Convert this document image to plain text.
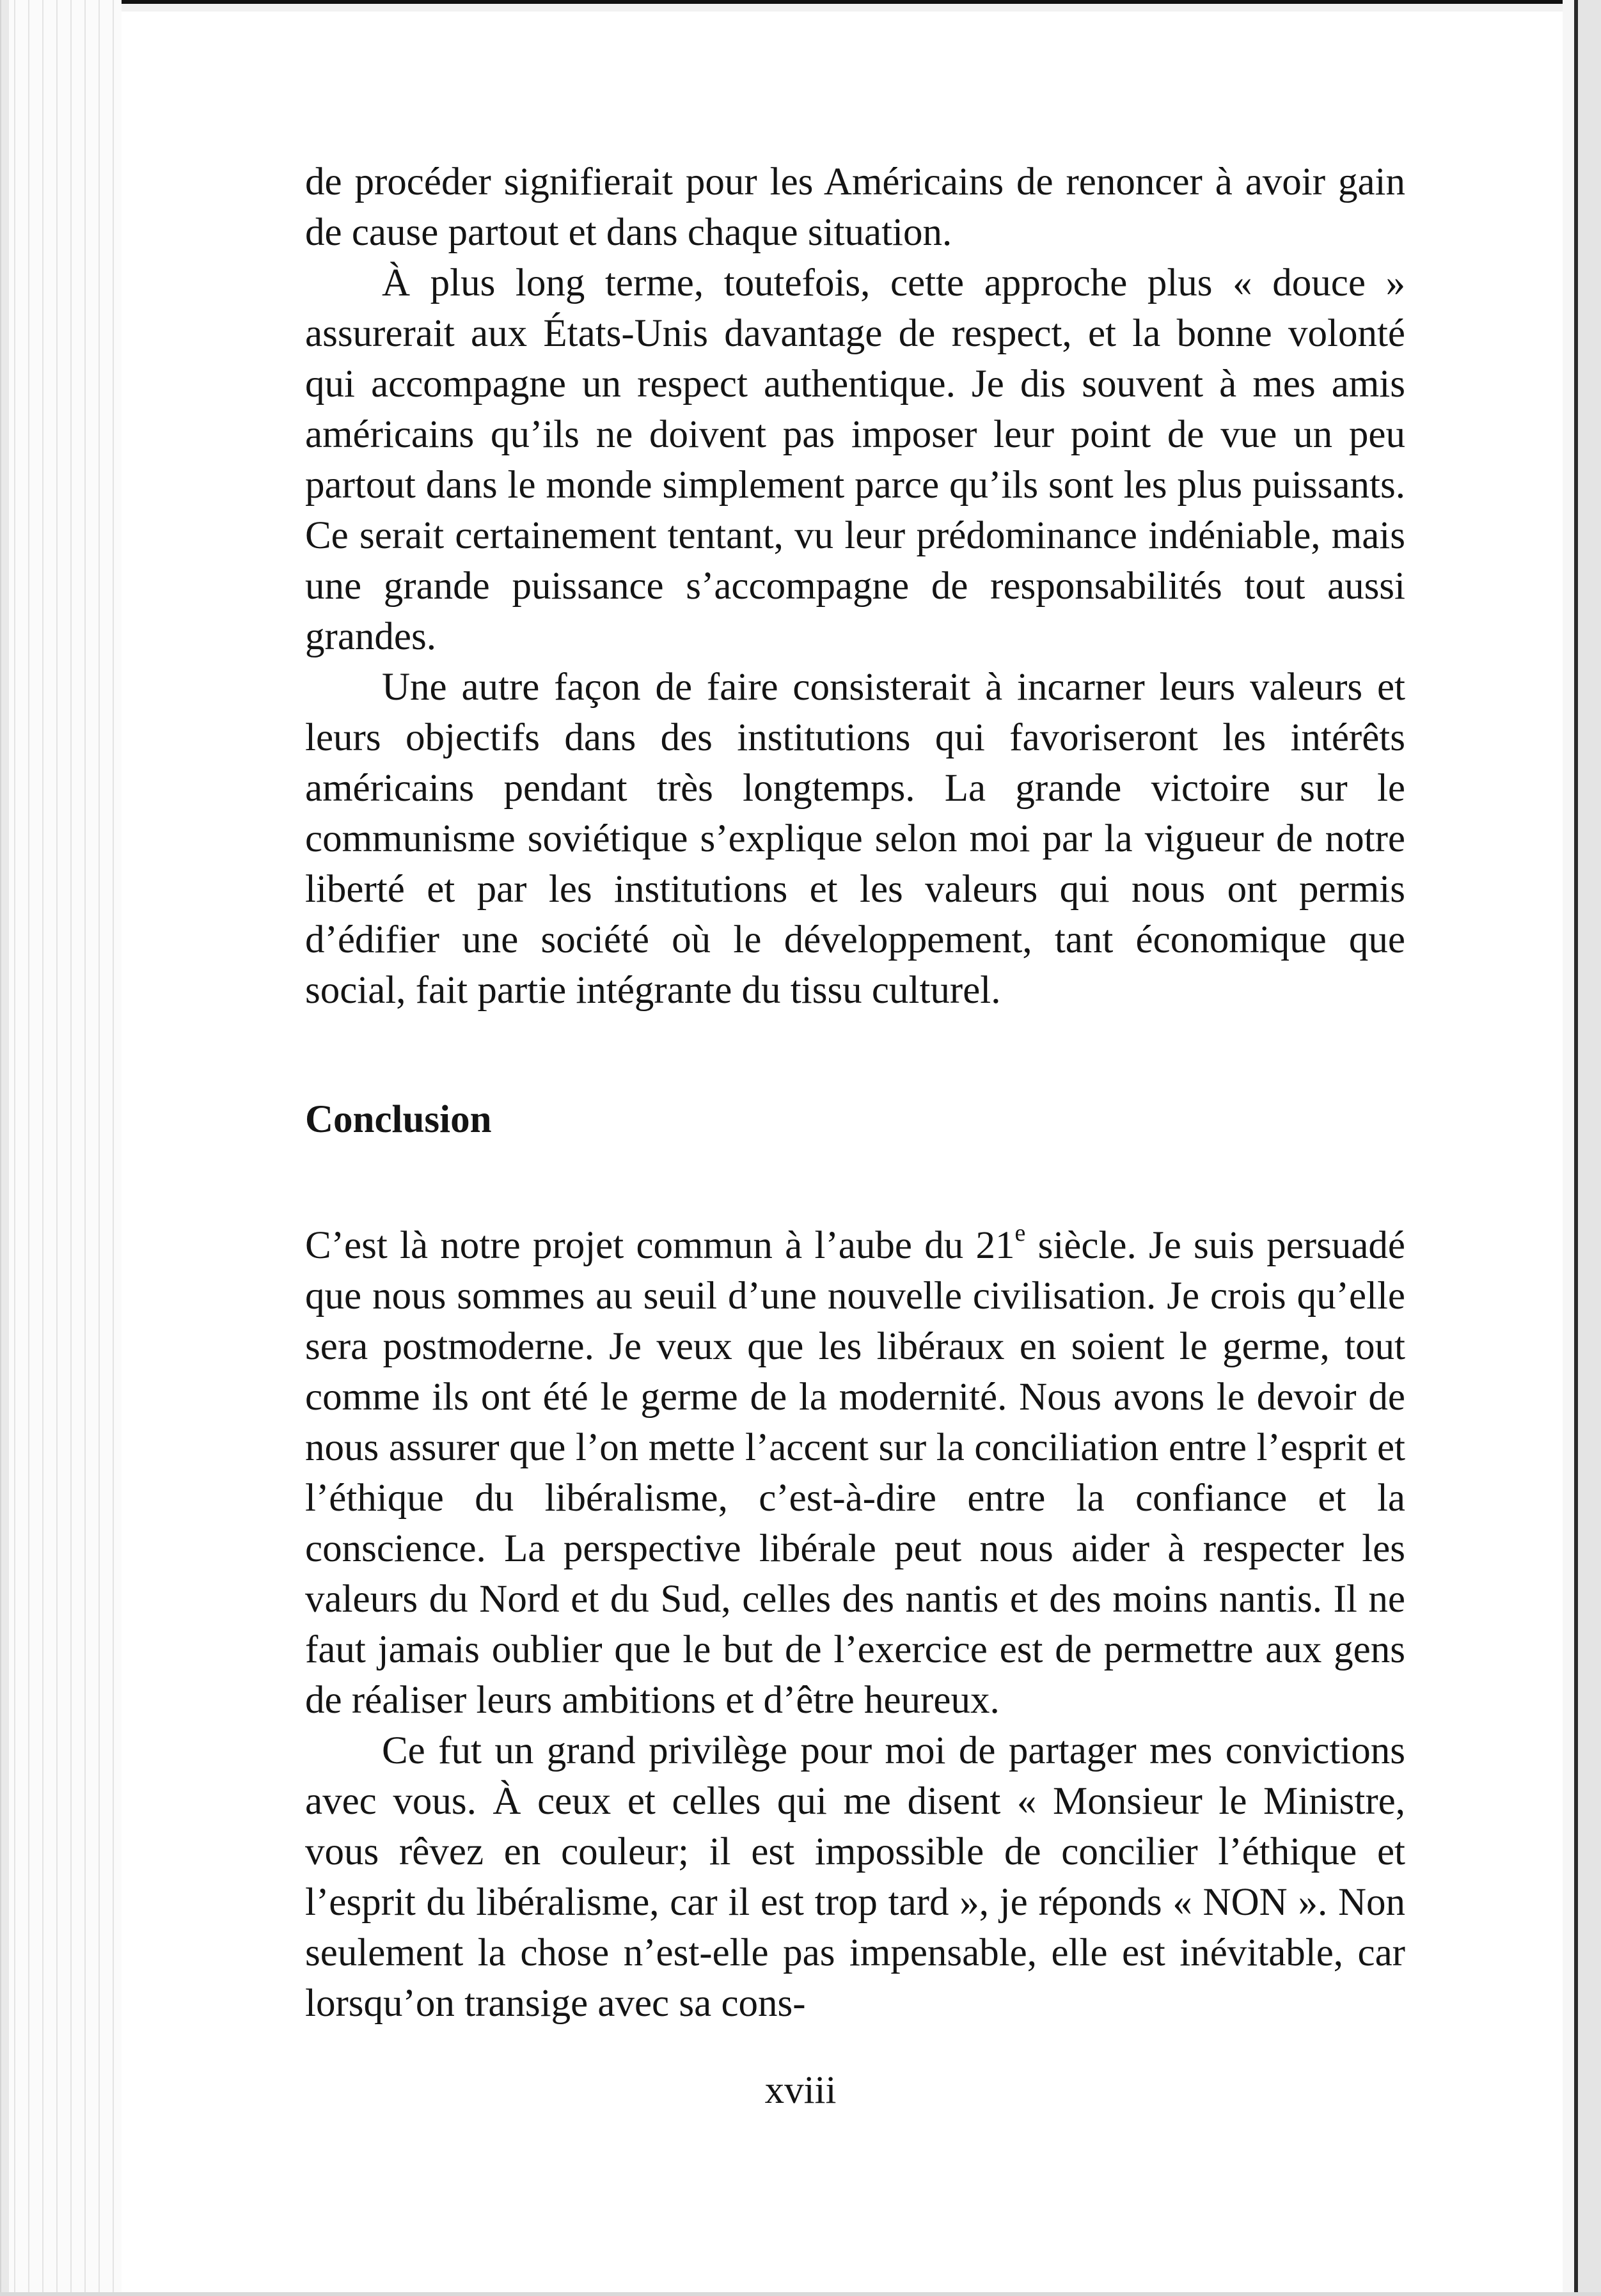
de procéder signifierait pour les Américains de renoncer à avoir gain de cause partout et dans chaque situation.

À plus long terme, toutefois, cette approche plus « douce » assurerait aux États-Unis davantage de respect, et la bonne volonté qui accompagne un respect authentique. Je dis souvent à mes amis américains qu’ils ne doivent pas imposer leur point de vue un peu partout dans le monde simplement parce qu’ils sont les plus puissants. Ce serait certainement tentant, vu leur prédominance indéniable, mais une grande puissance s’accompagne de responsabilités tout aussi grandes.

Une autre façon de faire consisterait à incarner leurs valeurs et leurs objectifs dans des institutions qui favoriseront les intérêts américains pendant très longtemps. La grande victoire sur le communisme soviétique s’explique selon moi par la vigueur de notre liberté et par les institutions et les valeurs qui nous ont permis d’édifier une société où le développement, tant économique que social, fait partie intégrante du tissu culturel.

Conclusion

C’est là notre projet commun à l’aube du 21e siècle. Je suis persuadé que nous sommes au seuil d’une nouvelle civilisation. Je crois qu’elle sera postmoderne. Je veux que les libéraux en soient le germe, tout comme ils ont été le germe de la modernité. Nous avons le devoir de nous assurer que l’on mette l’accent sur la conciliation entre l’esprit et l’éthique du libéralisme, c’est-à-dire entre la confiance et la conscience. La perspective libérale peut nous aider à respecter les valeurs du Nord et du Sud, celles des nantis et des moins nantis. Il ne faut jamais oublier que le but de l’exercice est de permettre aux gens de réaliser leurs ambitions et d’être heureux.

Ce fut un grand privilège pour moi de partager mes convictions avec vous. À ceux et celles qui me disent « Monsieur le Ministre, vous rêvez en couleur; il est impossible de concilier l’éthique et l’esprit du libéralisme, car il est trop tard », je réponds « NON ». Non seulement la chose n’est-elle pas impensable, elle est inévitable, car lorsqu’on transige avec sa cons-

xviii
